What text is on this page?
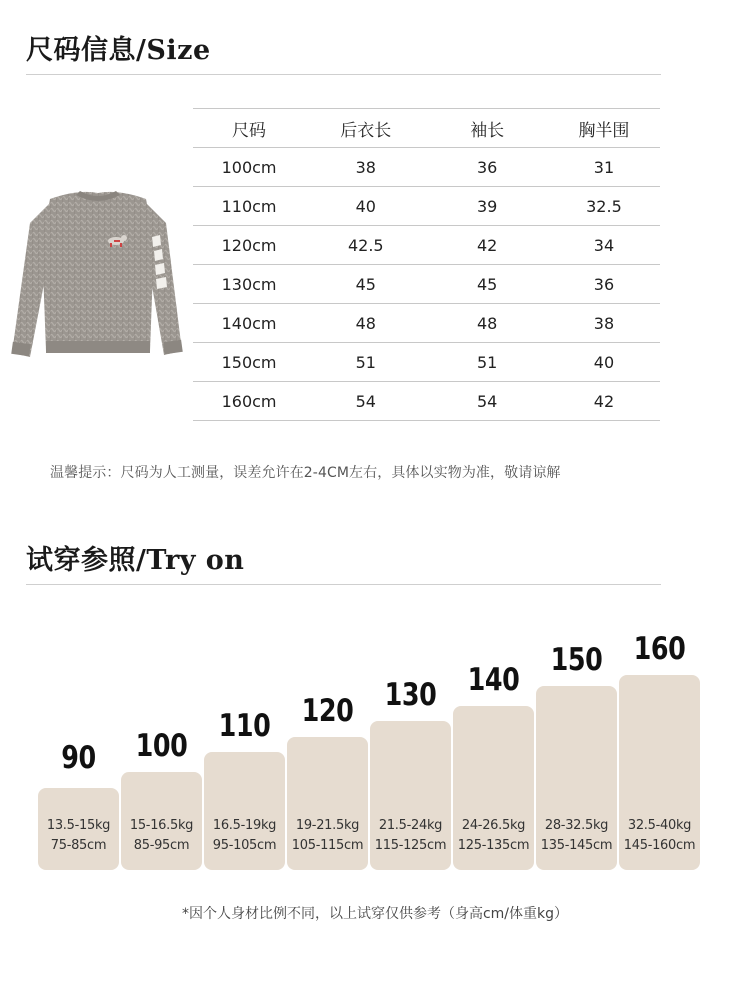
尺码信息/Size
尺码	后衣长	袖长	胸半围
100cm	38	36	31
110cm	40	39	32.5
120cm	42.5	42	34
130cm	45	45	36
140cm	48	48	38
150cm	51	51	40
160cm	54	54	42
温馨提示：尺码为人工测量，误差允许在2-4CM左右，具体以实物为准，敬请谅解
试穿参照/Try on
90
13.5-15kg
75-85cm
100
15-16.5kg
85-95cm
110
16.5-19kg
95-105cm
120
19-21.5kg
105-115cm
130
21.5-24kg
115-125cm
140
24-26.5kg
125-135cm
150
28-32.5kg
135-145cm
160
32.5-40kg
145-160cm
*因个人身材比例不同，以上试穿仅供参考（身高cm/体重kg）
